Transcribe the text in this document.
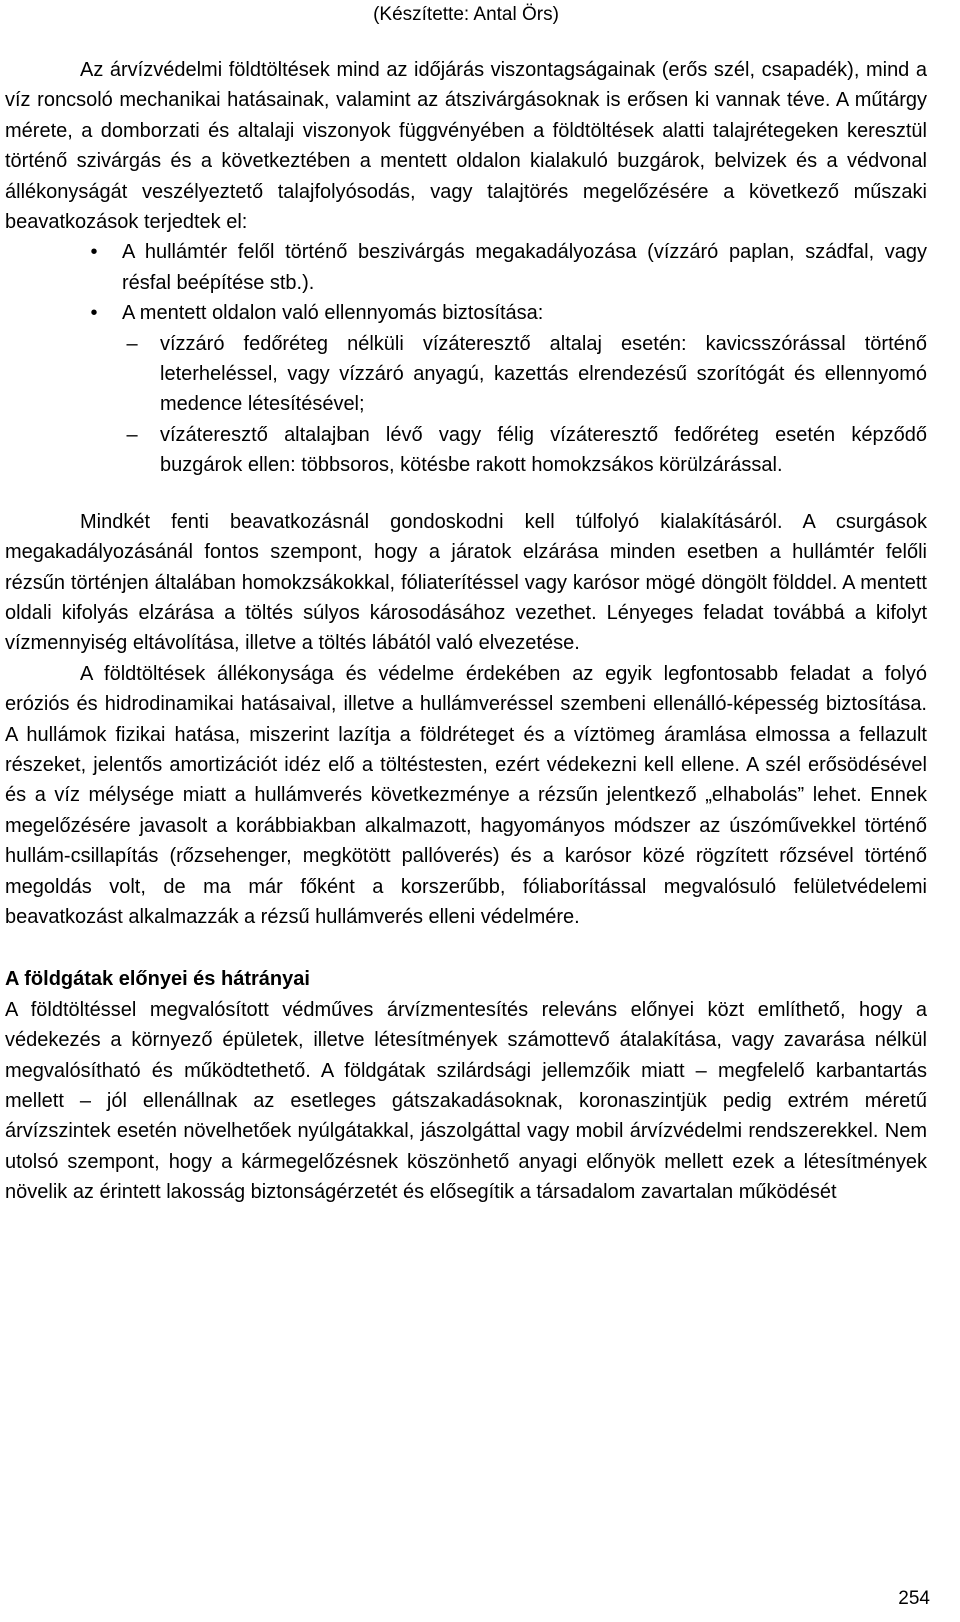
(Készítette: Antal Örs)

Az árvízvédelmi földtöltések mind az időjárás viszontagságainak (erős szél, csapadék), mind a víz roncsoló mechanikai hatásainak, valamint az átszivárgásoknak is erősen ki vannak téve. A műtárgy mérete, a domborzati és altalaji viszonyok függvényében a földtöltések alatti talajrétegeken keresztül történő szivárgás és a következtében a mentett oldalon kialakuló buzgárok, belvizek és a védvonal állékonyságát veszélyeztető talajfolyósodás, vagy talajtörés megelőzésére a következő műszaki beavatkozások terjedtek el:

•	A hullámtér felől történő beszivárgás megakadályozása (vízzáró paplan, szádfal, vagy résfal beépítése stb.).
•	A mentett oldalon való ellennyomás biztosítása:
– vízzáró fedőréteg nélküli vízáteresztő altalaj esetén: kavicsszórással történő leterheléssel, vagy vízzáró anyagú, kazettás elrendezésű szorítógát és ellennyomó medence létesítésével;
– vízáteresztő altalajban lévő vagy félig vízáteresztő fedőréteg esetén képződő buzgárok ellen: többsoros, kötésbe rakott homokzsákos körülzárással.

Mindkét fenti beavatkozásnál gondoskodni kell túlfolyó kialakításáról. A csurgások megakadályozásánál fontos szempont, hogy a járatok elzárása minden esetben a hullámtér felőli rézsűn történjen általában homokzsákokkal, fóliaterítéssel vagy karósor mögé döngölt földdel. A mentett oldali kifolyás elzárása a töltés súlyos károsodásához vezethet. Lényeges feladat továbbá a kifolyt vízmennyiség eltávolítása, illetve a töltés lábától való elvezetése.

A földtöltések állékonysága és védelme érdekében az egyik legfontosabb feladat a folyó eróziós és hidrodinamikai hatásaival, illetve a hullámveréssel szembeni ellenálló-képesség biztosítása. A hullámok fizikai hatása, miszerint lazítja a földréteget és a víztömeg áramlása elmossa a fellazult részeket, jelentős amortizációt idéz elő a töltéstesten, ezért védekezni kell ellene. A szél erősödésével és a víz mélysége miatt a hullámverés következménye a rézsűn jelentkező „elhabolás” lehet. Ennek megelőzésére javasolt a korábbiakban alkalmazott, hagyományos módszer az úszóművekkel történő hullám-csillapítás (rőzsehenger, megkötött pallóverés) és a karósor közé rögzített rőzsével történő megoldás volt, de ma már főként a korszerűbb, fóliaborítással megvalósuló felületvédelemi beavatkozást alkalmazzák a rézsű hullámverés elleni védelmére.

A földgátak előnyei és hátrányai

A földtöltéssel megvalósított védműves árvízmentesítés releváns előnyei közt említhető, hogy a védekezés a környező épületek, illetve létesítmények számottevő átalakítása, vagy zavarása nélkül megvalósítható és működtethető. A földgátak szilárdsági jellemzőik miatt – megfelelő karbantartás mellett – jól ellenállnak az esetleges gátszakadásoknak, koronaszintjük pedig extrém méretű árvízszintek esetén növelhetőek nyúlgátakkal, jászolgáttal vagy mobil árvízvédelmi rendszerekkel. Nem utolsó szempont, hogy a kármegelőzésnek köszönhető anyagi előnyök mellett ezek a létesítmények növelik az érintett lakosság biztonságérzetét és elősegítik a társadalom zavartalan működését

254
